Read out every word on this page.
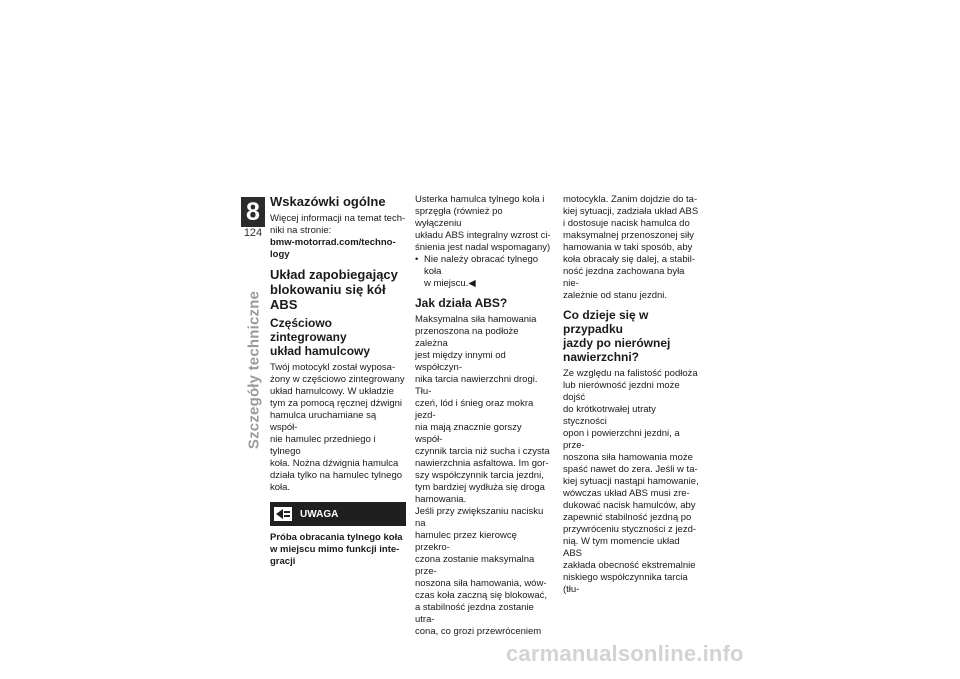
8
124
Szczegóły techniczne
Wskazówki ogólne
Więcej informacji na temat tech-
niki na stronie:
bmw-motorrad.com/techno-
logy
Układ zapobiegający
blokowaniu się kół ABS
Częściowo zintegrowany
układ hamulcowy
Twój motocykl został wyposa-
żony w częściowo zintegrowany
układ hamulcowy. W układzie
tym za pomocą ręcznej dźwigni
hamulca uruchamiane są współ-
nie hamulec przedniego i tylnego
koła. Nożna dźwignia hamulca
działa tylko na hamulec tylnego
koła.
UWAGA
Próba obracania tylnego koła
w miejscu mimo funkcji inte-
gracji
Usterka hamulca tylnego koła i
sprzęgła (również po wyłączeniu
układu ABS integralny wzrost ci-
śnienia jest nadal wspomagany)
• Nie należy obracać tylnego koła
w miejscu.◀
Jak działa ABS?
Maksymalna siła hamowania
przenoszona na podłoże zależna
jest między innymi od współczyn-
nika tarcia nawierzchni drogi. Tłu-
czeń, lód i śnieg oraz mokra jezd-
nia mają znacznie gorszy współ-
czynnik tarcia niż sucha i czysta
nawierzchnia asfaltowa. Im gor-
szy współczynnik tarcia jezdni,
tym bardziej wydłuża się droga
hamowania.
Jeśli przy zwiększaniu nacisku na
hamulec przez kierowcę przekro-
czona zostanie maksymalna prze-
noszona siła hamowania, wów-
czas koła zaczną się blokować,
a stabilność jezdna zostanie utra-
cona, co grozi przewróceniem
motocykla. Zanim dojdzie do ta-
kiej sytuacji, zadziała układ ABS
i dostosuje nacisk hamulca do
maksymalnej przenoszonej siły
hamowania w taki sposób, aby
koła obracały się dalej, a stabil-
ność jezdna zachowana była nie-
zależnie od stanu jezdni.
Co dzieje się w przypadku
jazdy po nierównej
nawierzchni?
Ze względu na falistość podłoża
lub nierówność jezdni może dojść
do krótkotrwałej utraty styczności
opon i powierzchni jezdni, a prze-
noszona siła hamowania może
spaść nawet do zera. Jeśli w ta-
kiej sytuacji nastąpi hamowanie,
wówczas układ ABS musi zre-
dukować nacisk hamulców, aby
zapewnić stabilność jezdną po
przywróceniu styczności z jezd-
nią. W tym momencie układ ABS
zakłada obecność ekstremalnie
niskiego współczynnika tarcia (tłu-
carmanualsonline.info
